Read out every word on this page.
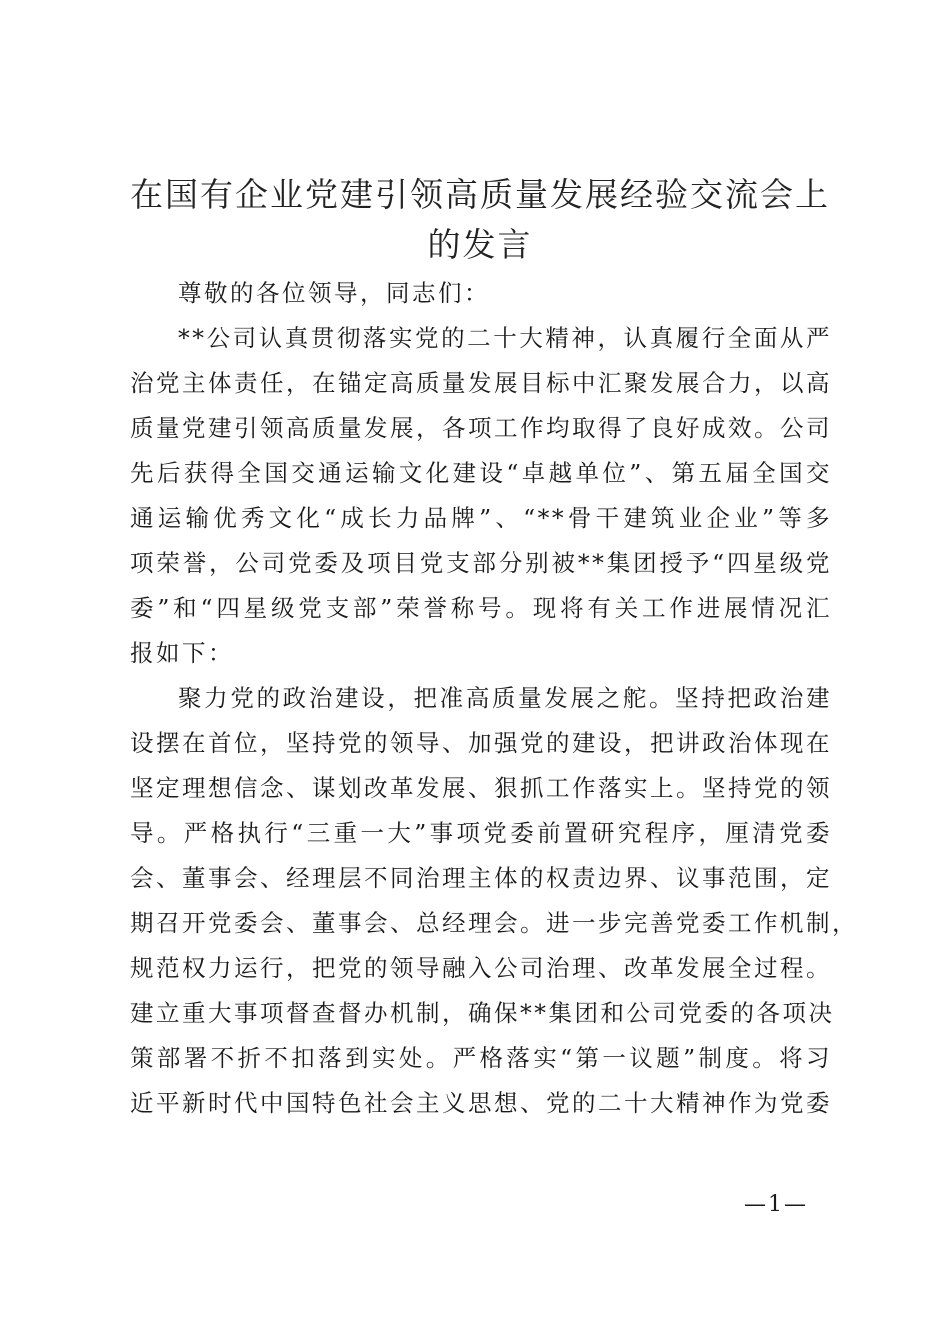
在国有企业党建引领高质量发展经验交流会上
的发言
尊敬的各位领导，同志们：
**公司认真贯彻落实党的二十大精神，认真履行全面从严
治党主体责任，在锚定高质量发展目标中汇聚发展合力，以高
质量党建引领高质量发展，各项工作均取得了良好成效。公司
先后获得全国交通运输文化建设“卓越单位”、第五届全国交
通运输优秀文化“成长力品牌”、“**骨干建筑业企业”等多
项荣誉，公司党委及项目党支部分别被**集团授予“四星级党
委”和“四星级党支部”荣誉称号。现将有关工作进展情况汇
报如下：
聚力党的政治建设，把准高质量发展之舵。坚持把政治建
设摆在首位，坚持党的领导、加强党的建设，把讲政治体现在
坚定理想信念、谋划改革发展、狠抓工作落实上。坚持党的领
导。严格执行“三重一大”事项党委前置研究程序，厘清党委
会、董事会、经理层不同治理主体的权责边界、议事范围，定
期召开党委会、董事会、总经理会。进一步完善党委工作机制，
规范权力运行，把党的领导融入公司治理、改革发展全过程。
建立重大事项督查督办机制，确保**集团和公司党委的各项决
策部署不折不扣落到实处。严格落实“第一议题”制度。将习
近平新时代中国特色社会主义思想、党的二十大精神作为党委
—1—
